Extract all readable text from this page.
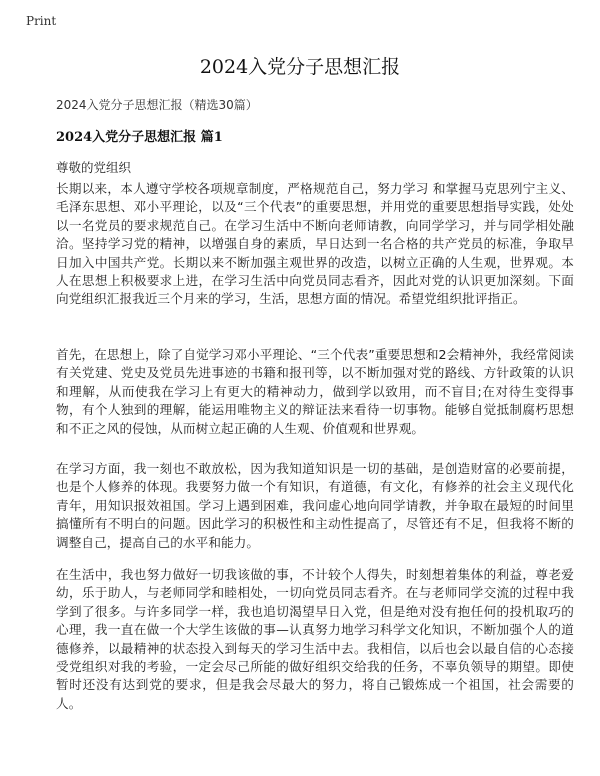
Print
2024入党分子思想汇报
2024入党分子思想汇报（精选30篇）
2024入党分子思想汇报 篇1
尊敬的党组织
长期以来，本人遵守学校各项规章制度，严格规范自己，努力学习 和掌握马克思列宁主义、毛泽东思想、邓小平理论，以及“三个代表”的重要思想，并用党的重要思想指导实践，处处以一名党员的要求规范自己。在学习生活中不断向老师请教，向同学学习，并与同学相处融洽。坚持学习党的精神，以增强自身的素质，早日达到一名合格的共产党员的标准，争取早日加入中国共产党。长期以来不断加强主观世界的改造，以树立正确的人生观，世界观。本人在思想上积极要求上进，在学习生活中向党员同志看齐，因此对党的认识更加深刻。下面向党组织汇报我近三个月来的学习，生活，思想方面的情况。希望党组织批评指正。
首先，在思想上，除了自觉学习邓小平理论、“三个代表”重要思想和2会精神外，我经常阅读有关党建、党史及党员先进事迹的书籍和报刊等，以不断加强对党的路线、方针政策的认识和理解，从而使我在学习上有更大的精神动力，做到学以致用，而不盲目;在对待生变得事物，有个人独到的理解，能运用唯物主义的辩证法来看待一切事物。能够自觉抵制腐朽思想和不正之风的侵蚀，从而树立起正确的人生观、价值观和世界观。
在学习方面，我一刻也不敢放松，因为我知道知识是一切的基础，是创造财富的必要前提，也是个人修养的体现。我要努力做一个有知识，有道德，有文化，有修养的社会主义现代化青年，用知识报效祖国。学习上遇到困难，我问虚心地向同学请教，并争取在最短的时间里搞懂所有不明白的问题。因此学习的积极性和主动性提高了，尽管还有不足，但我将不断的调整自己，提高自己的水平和能力。
在生活中，我也努力做好一切我该做的事，不计较个人得失，时刻想着集体的利益，尊老爱幼，乐于助人，与老师同学和睦相处，一切向党员同志看齐。在与老师同学交流的过程中我学到了很多。与许多同学一样，我也追切渴望早日入党，但是绝对没有抱任何的投机取巧的心理，我一直在做一个大学生该做的事—认真努力地学习科学文化知识，不断加强个人的道德修养，以最精神的状态投入到每天的学习生活中去。我相信，以后也会以最自信的心态接受党组织对我的考验，一定会尽己所能的做好组织交给我的任务，不辜负领导的期望。即使暂时还没有达到党的要求，但是我会尽最大的努力，将自己锻炼成一个祖国，社会需要的人。
